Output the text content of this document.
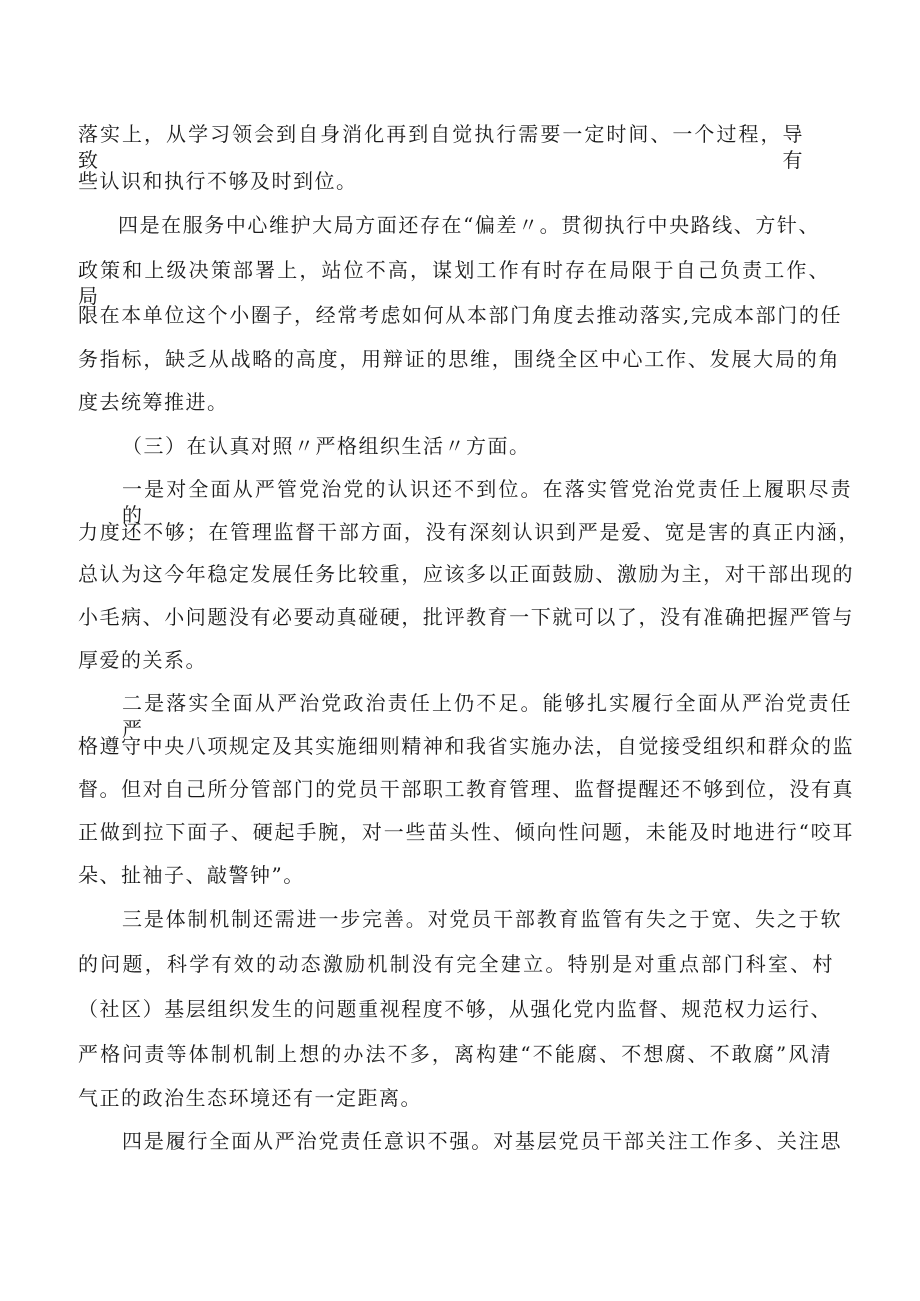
落实上，从学习领会到自身消化再到自觉执行需要一定时间、一个过程，导致有
些认识和执行不够及时到位。
四是在服务中心维护大局方面还存在“偏差〃。贯彻执行中央路线、方针、
政策和上级决策部署上，站位不高，谋划工作有时存在局限于自己负责工作、局
限在本单位这个小圈子，经常考虑如何从本部门角度去推动落实,完成本部门的任
务指标，缺乏从战略的高度，用辩证的思维，围绕全区中心工作、发展大局的角
度去统筹推进。
（三）在认真对照〃严格组织生活〃方面。
一是对全面从严管党治党的认识还不到位。在落实管党治党责任上履职尽责的
力度还不够；在管理监督干部方面，没有深刻认识到严是爱、宽是害的真正内涵，
总认为这今年稳定发展任务比较重，应该多以正面鼓励、激励为主，对干部出现的
小毛病、小问题没有必要动真碰硬，批评教育一下就可以了，没有准确把握严管与
厚爱的关系。
二是落实全面从严治党政治责任上仍不足。能够扎实履行全面从严治党责任严
格遵守中央八项规定及其实施细则精神和我省实施办法，自觉接受组织和群众的监
督。但对自己所分管部门的党员干部职工教育管理、监督提醒还不够到位，没有真
正做到拉下面子、硬起手腕，对一些苗头性、倾向性问题，未能及时地进行“咬耳
朵、扯袖子、敲警钟”。
三是体制机制还需进一步完善。对党员干部教育监管有失之于宽、失之于软
的问题，科学有效的动态激励机制没有完全建立。特别是对重点部门科室、村
（社区）基层组织发生的问题重视程度不够，从强化党内监督、规范权力运行、
严格问责等体制机制上想的办法不多，离构建“不能腐、不想腐、不敢腐”风清
气正的政治生态环境还有一定距离。
四是履行全面从严治党责任意识不强。对基层党员干部关注工作多、关注思
